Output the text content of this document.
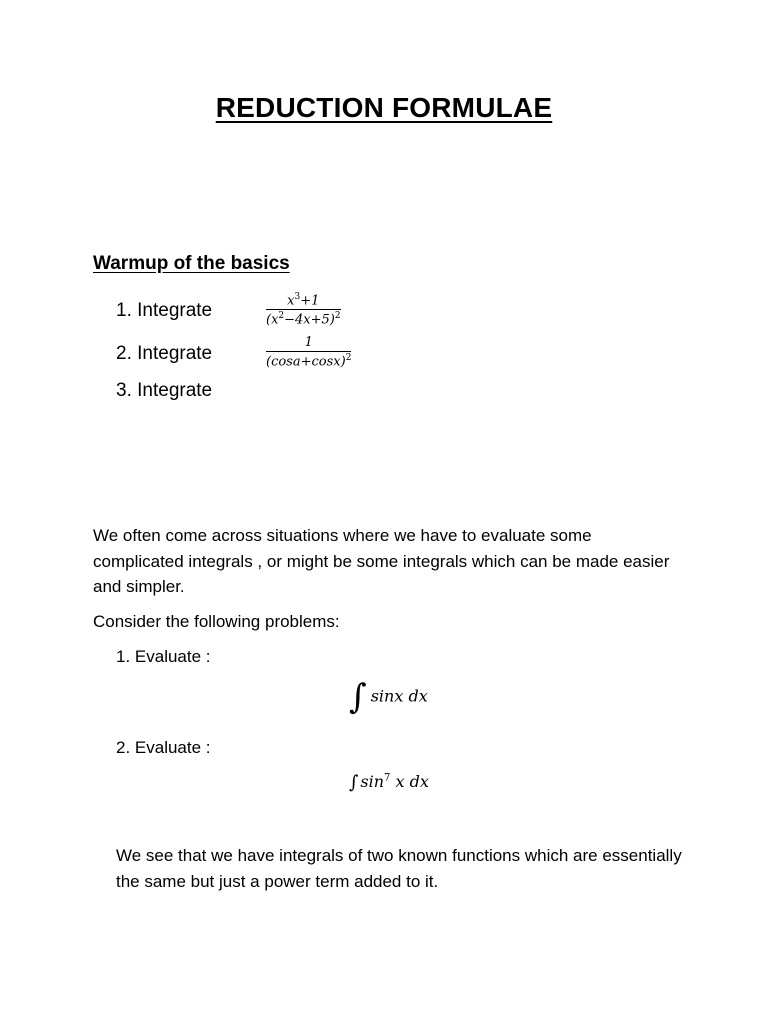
REDUCTION FORMULAE
Warmup of the basics
1. Integrate	$\frac{x^3+1}{(x^2-4x+5)^2}$
2. Integrate	$\frac{1}{(\cos a+\cos x)^2}$
3. Integrate
We often come across situations where we have to evaluate some complicated integrals , or might be some integrals which can be made easier and simpler.
Consider the following problems:
1. Evaluate :
∫ sinx dx
2. Evaluate :
∫ $\sin^7 x$ dx
We see that we have integrals of two known functions which are essentially the same but just a power term added to it.
